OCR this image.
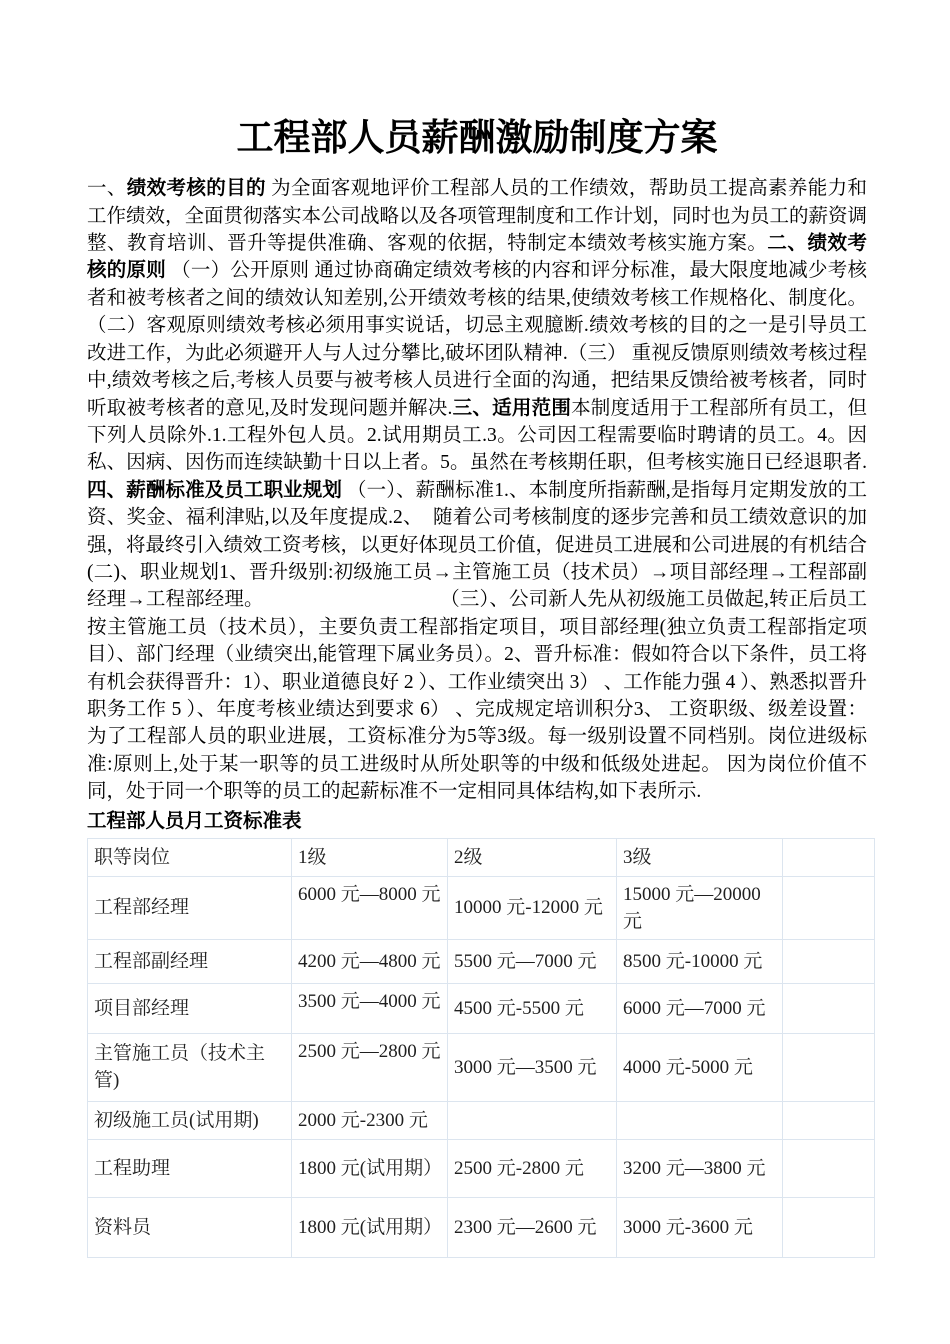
工程部人员薪酬激励制度方案

一、绩效考核的目的 为全面客观地评价工程部人员的工作绩效，帮助员工提高素养能力和工作绩效，全面贯彻落实本公司战略以及各项管理制度和工作计划，同时也为员工的薪资调整、教育培训、晋升等提供准确、客观的依据，特制定本绩效考核实施方案。二、绩效考核的原则 （一）公开原则 通过协商确定绩效考核的内容和评分标准，最大限度地减少考核者和被考核者之间的绩效认知差别,公开绩效考核的结果,使绩效考核工作规格化、制度化。 （二）客观原则绩效考核必须用事实说话，切忌主观臆断.绩效考核的目的之一是引导员工改进工作，为此必须避开人与人过分攀比,破坏团队精神.（三） 重视反馈原则绩效考核过程中,绩效考核之后,考核人员要与被考核人员进行全面的沟通，把结果反馈给被考核者，同时听取被考核者的意见,及时发现问题并解决.三、适用范围本制度适用于工程部所有员工，但下列人员除外.1.工程外包人员。2.试用期员工.3。公司因工程需要临时聘请的员工。4。因私、因病、因伤而连续缺勤十日以上者。5。虽然在考核期任职，但考核实施日已经退职者.四、薪酬标准及员工职业规划 （一）、薪酬标准1.、本制度所指薪酬,是指每月定期发放的工资、奖金、福利津贴,以及年度提成.2、  随着公司考核制度的逐步完善和员工绩效意识的加强，将最终引入绩效工资考核，以更好体现员工价值，促进员工进展和公司进展的有机结合(二)、职业规划1、晋升级别:初级施工员→主管施工员（技术员）→项目部经理→工程部副经理→工程部经理。　　　　　　　　　　（三）、公司新人先从初级施工员做起,转正后员工按主管施工员（技术员），主要负责工程部指定项目，项目部经理(独立负责工程部指定项目）、部门经理（业绩突出,能管理下属业务员）。2、晋升标准：假如符合以下条件，员工将有机会获得晋升：1）、职业道德良好 2 ）、工作业绩突出 3） 、工作能力强 4 ）、熟悉拟晋升职务工作 5 ）、年度考核业绩达到要求 6） 、完成规定培训积分3、 工资职级、级差设置：为了工程部人员的职业进展，工资标准分为5等3级。每一级别设置不同档别。岗位进级标准:原则上,处于某一职等的员工进级时从所处职等的中级和低级处进起。 因为岗位价值不同，处于同一个职等的员工的起薪标准不一定相同具体结构,如下表所示.

工程部人员月工资标准表

职等岗位	1级	2级	3级	
工程部经理	6000 元—8000 元	10000 元-12000 元	15000 元—20000 元	
工程部副经理	4200 元—4800 元	5500 元—7000 元	8500 元-10000 元	
项目部经理	3500 元—4000 元	4500 元-5500 元	6000 元—7000 元	
主管施工员（技术主管)	2500 元—2800 元	3000 元—3500 元	4000 元-5000 元	
初级施工员(试用期)	2000 元-2300 元			
工程助理	1800 元(试用期）	2500 元-2800 元	3200 元—3800 元	
资料员	1800 元(试用期）	2300 元—2600 元	3000 元-3600 元	
